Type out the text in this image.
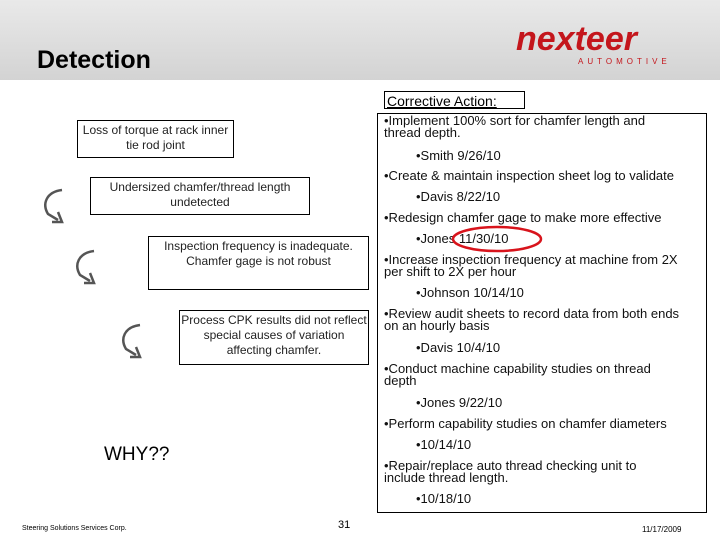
Detection
nexteer
AUTOMOTIVE
Corrective Action:
Loss of torque at rack inner tie rod joint
Undersized chamfer/thread length undetected
Inspection frequency is inadequate. Chamfer gage is not robust
Process CPK results did not reflect special causes of variation affecting chamfer.
•Implement 100% sort for chamfer length and
thread depth.
•Smith 9/26/10
•Create & maintain inspection sheet log to validate
•Davis 8/22/10
•Redesign chamfer gage to make more effective
•Jones 11/30/10
•Increase inspection frequency at machine from 2X
per shift to 2X per hour
•Johnson 10/14/10
•Review audit sheets to record data from both ends
on an hourly basis
•Davis 10/4/10
•Conduct machine capability studies on thread
depth
•Jones 9/22/10
•Perform capability studies on chamfer diameters
•10/14/10
•Repair/replace auto thread checking unit to
include thread length.
•10/18/10
WHY??
Steering Solutions Services Corp.	31	11/17/2009
